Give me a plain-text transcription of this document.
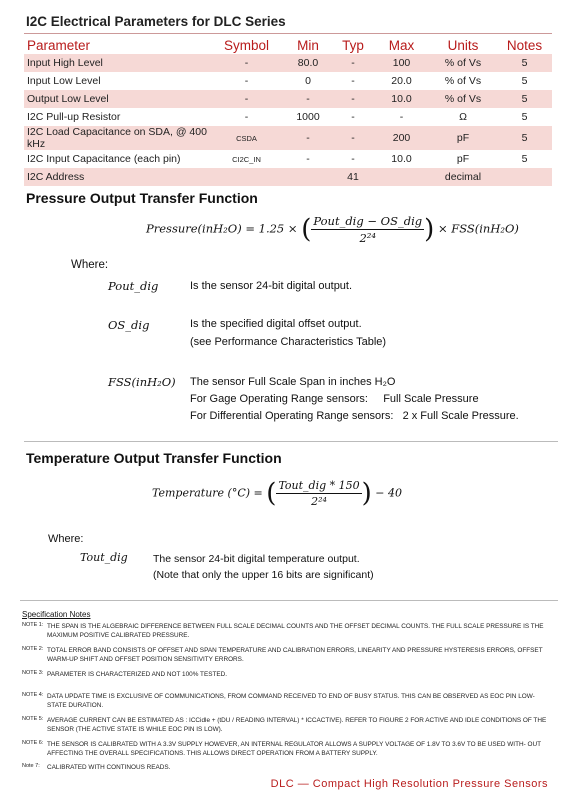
I2C Electrical Parameters for DLC Series
Parameter	Symbol	Min	Typ	Max	Units	Notes
Input High Level	-	80.0	-	100	% of Vs	5
Input Low Level	-	0	-	20.0	% of Vs	5
Output Low Level	-	-	-	10.0	% of Vs	5
I2C Pull-up Resistor	-	1000	-	-	Ω	5
I2C Load Capacitance on SDA, @ 400 kHz	CSDA	-	-	200	pF	5
I2C Input Capacitance (each pin)	CI2C_IN	-	-	10.0	pF	5
I2C Address			41		decimal	
Pressure Output Transfer Function
Pressure(inH₂O) = 1.25 × ( $\frac{\text{Pout\_dig − OS\_dig}}{\text{2²⁴}}$ ) × FSS(inH₂O)
Where:
Pout_dig	Is the sensor 24-bit digital output.
OS_dig	Is the specified digital offset output.
(see Performance Characteristics Table)
FSS(inH₂O) The sensor Full Scale Span in inches H₂O
For Gage Operating Range sensors:     Full Scale Pressure
For Differential Operating Range sensors:   2 x Full Scale Pressure.
Temperature Output Transfer Function
Temperature (°C) = ( $\frac{\text{Tout\_dig * 150}}{\text{2²⁴}}$ ) − 40
Where:
Tout_dig The sensor 24-bit digital temperature output.
(Note that only the upper 16 bits are significant)
Specification Notes
NOTE 1: THE SPAN IS THE ALGEBRAIC DIFFERENCE BETWEEN FULL SCALE DECIMAL COUNTS AND THE OFFSET DECIMAL COUNTS. THE FULL SCALE PRESSURE IS THE MAXIMUM POSITIVE CALIBRATED PRESSURE.
NOTE 2: TOTAL ERROR BAND CONSISTS OF OFFSET AND SPAN TEMPERATURE AND CALIBRATION ERRORS, LINEARITY AND PRESSURE HYSTERESIS ERRORS, OFFSET WARM-UP SHIFT AND OFFSET POSITION SENSITIVITY ERRORS.
NOTE 3: PARAMETER IS CHARACTERIZED AND NOT 100% TESTED.
NOTE 4: DATA UPDATE TIME IS EXCLUSIVE OF COMMUNICATIONS, FROM COMMAND RECEIVED TO END OF BUSY STATUS. THIS CAN BE OBSERVED AS EOC PIN LOW- STATE DURATION.
NOTE 5: AVERAGE CURRENT CAN BE ESTIMATED AS : ICCidle + (tDU / READING INTERVAL) * ICCACTIVE). REFER TO FIGURE 2 FOR ACTIVE AND IDLE CONDITIONS OF THE SENSOR (THE ACTIVE STATE IS WHILE EOC PIN IS LOW).
NOTE 6: THE SENSOR IS CALIBRATED WITH A 3.3V SUPPLY HOWEVER, AN INTERNAL REGULATOR ALLOWS A SUPPLY VOLTAGE OF 1.8V TO 3.6V TO BE USED WITH- OUT AFFECTING THE OVERALL SPECIFICATIONS. THIS ALLOWS DIRECT OPERATION FROM A BATTERY SUPPLY.
Note 7: CALIBRATED WITH CONTINOUS READS.
DLC — Compact High Resolution Pressure Sensors
